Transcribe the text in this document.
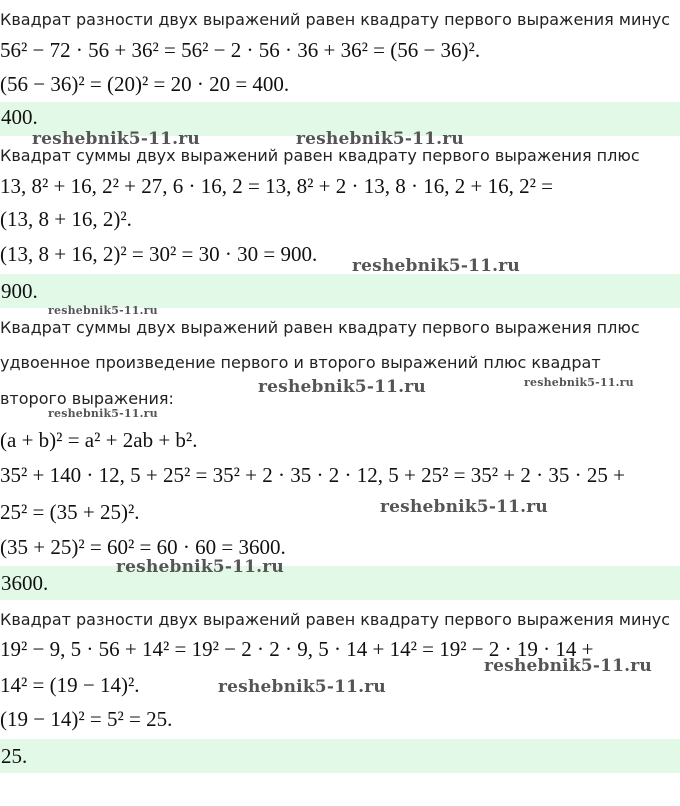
Квадрат разности двух выражений равен квадрату первого выражения минус
56² − 72 · 56 + 36² = 56² − 2 · 56 · 36 + 36² = (56 − 36)².
(56 − 36)² = (20)² = 20 · 20 = 400.
400.
Квадрат суммы двух выражений равен квадрату первого выражения плюс
13, 8² + 16, 2² + 27, 6 · 16, 2 = 13, 8² + 2 · 13, 8 · 16, 2 + 16, 2² =
(13, 8 + 16, 2)².
(13, 8 + 16, 2)² = 30² = 30 · 30 = 900.
900.
Квадрат суммы двух выражений равен квадрату первого выражения плюс
удвоенное произведение первого и второго выражений плюс квадрат
второго выражения:
(a + b)² = a² + 2ab + b².
35² + 140 · 12, 5 + 25² = 35² + 2 · 35 · 2 · 12, 5 + 25² = 35² + 2 · 35 · 25 +
25² = (35 + 25)².
(35 + 25)² = 60² = 60 · 60 = 3600.
3600.
Квадрат разности двух выражений равен квадрату первого выражения минус
19² − 9, 5 · 56 + 14² = 19² − 2 · 2 · 9, 5 · 14 + 14² = 19² − 2 · 19 · 14 +
14² = (19 − 14)².
(19 − 14)² = 5² = 25.
25.
reshebnik5-11.ru	reshebnik5-11.ru
reshebnik5-11.ru
reshebnik5-11.ru
reshebnik5-11.ru	reshebnik5-11.ru
reshebnik5-11.ru
reshebnik5-11.ru
reshebnik5-11.ru
reshebnik5-11.ru
reshebnik5-11.ru
